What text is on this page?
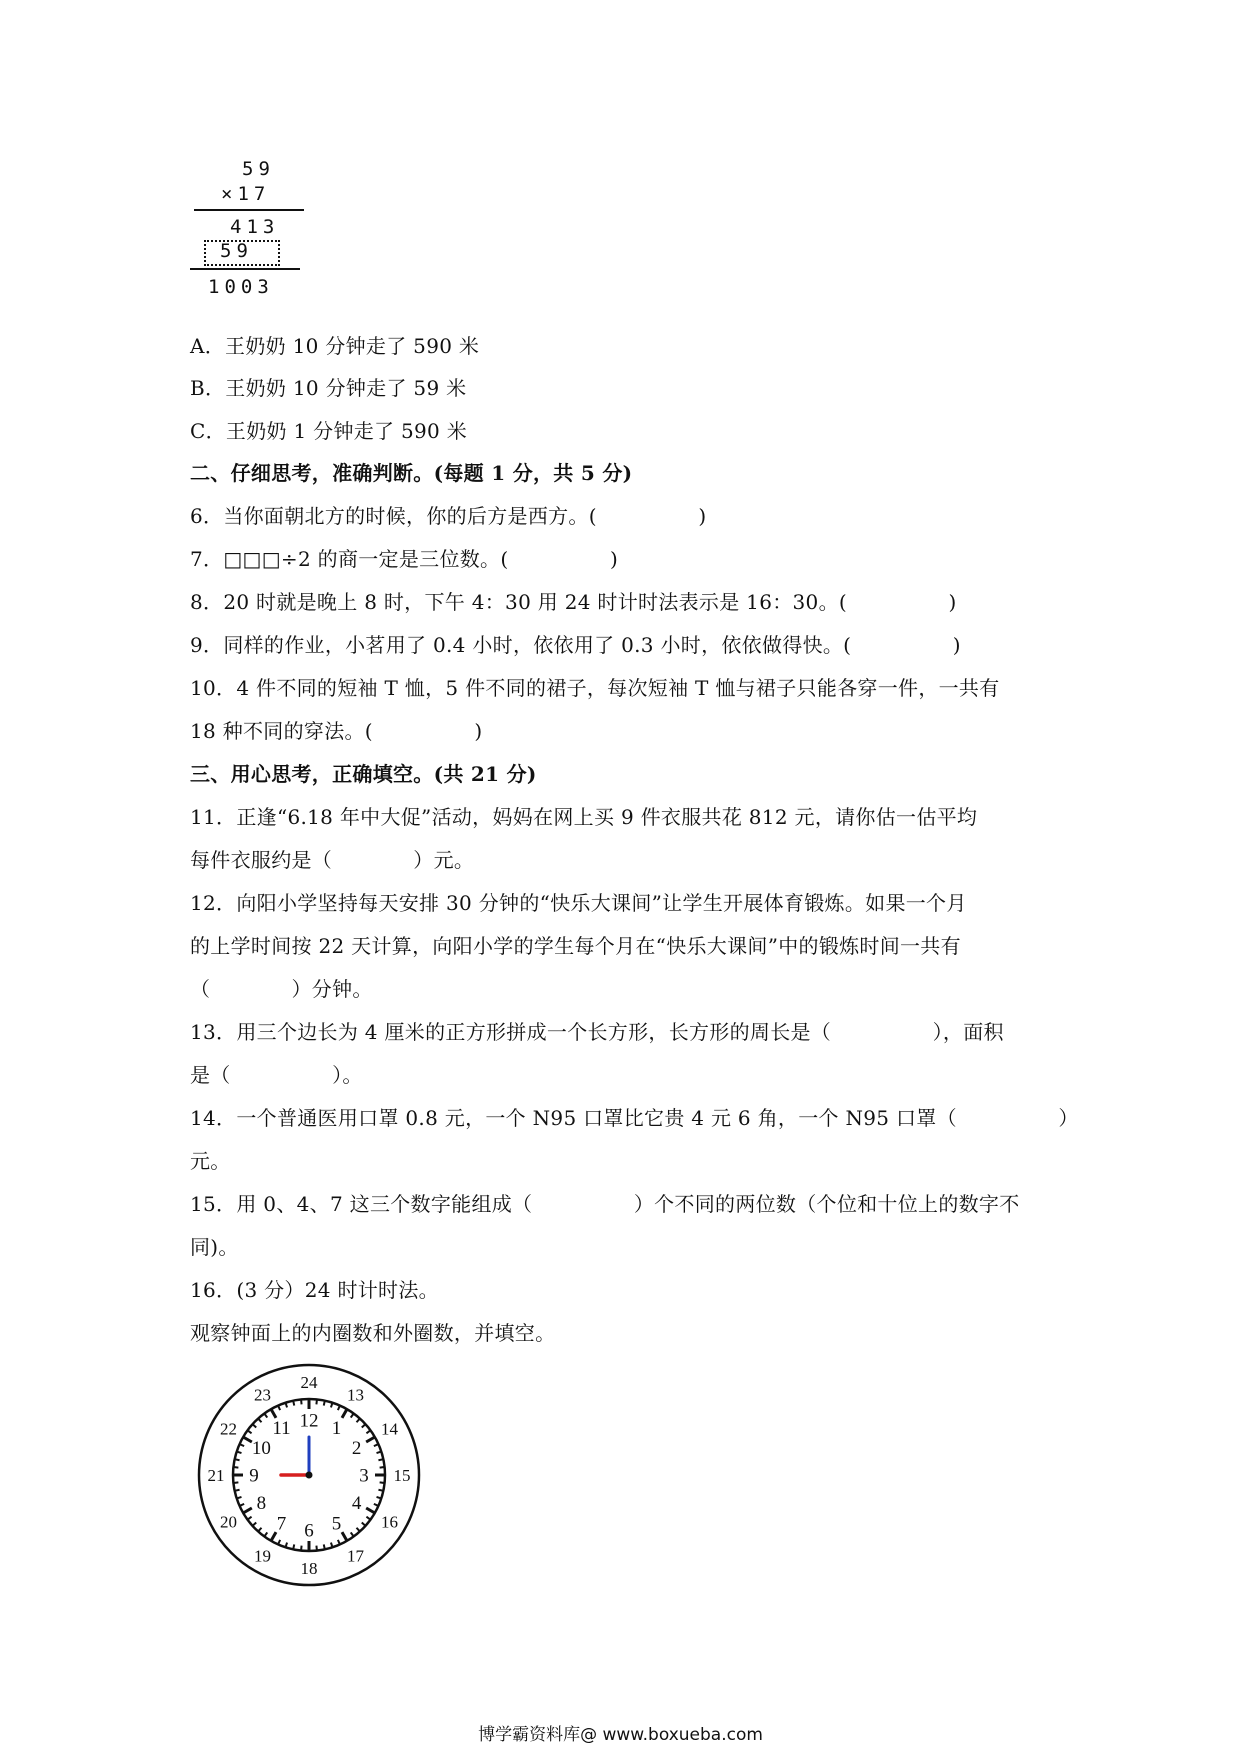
59
×17
413
59
1003
A．王奶奶 10 分钟走了 590 米
B．王奶奶 10 分钟走了 59 米
C．王奶奶 1 分钟走了 590 米
二、仔细思考，准确判断。(每题 1 分，共 5 分)
6．当你面朝北方的时候，你的后方是西方。(　　　　　)
7．□□□÷2 的商一定是三位数。(　　　　　)
8．20 时就是晚上 8 时，下午 4：30 用 24 时计时法表示是 16：30。(　　　　　)
9．同样的作业，小茗用了 0.4 小时，依依用了 0.3 小时，依依做得快。(　　　　　)
10．4 件不同的短袖 T 恤，5 件不同的裙子，每次短袖 T 恤与裙子只能各穿一件，一共有
18 种不同的穿法。(　　　　　)
三、用心思考，正确填空。(共 21 分)
11．正逢“6.18 年中大促”活动，妈妈在网上买 9 件衣服共花 812 元，请你估一估平均
每件衣服约是（　　　　）元。
12．向阳小学坚持每天安排 30 分钟的“快乐大课间”让学生开展体育锻炼。如果一个月
的上学时间按 22 天计算，向阳小学的学生每个月在“快乐大课间”中的锻炼时间一共有
（　　　　）分钟。
13．用三个边长为 4 厘米的正方形拼成一个长方形，长方形的周长是（　　　　　），面积
是（　　　　　）。
14．一个普通医用口罩 0.8 元，一个 N95 口罩比它贵 4 元 6 角，一个 N95 口罩（　　　　　）
元。
15．用 0、4、7 这三个数字能组成（　　　　　）个不同的两位数（个位和十位上的数字不
同)。
16．(3 分）24 时计时法。
观察钟面上的内圈数和外圈数，并填空。
24
13
14
15
16
17
18
19
20
21
22
23
12 1
2
3
4
5
6
7
8
9
10
11
博学霸资料库@ www.boxueba.com
